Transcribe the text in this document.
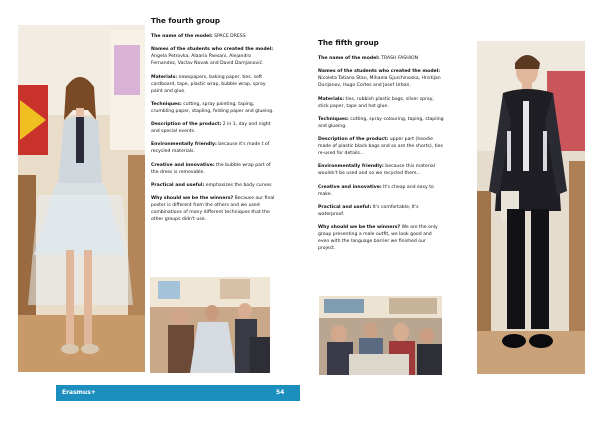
The fourth group

The name of the model: SPACE DRESS

Names of the students who created the model: Angela Petrovka, Alaaria Paesani, Alejandro Fernandez, Vaclav Novak and David Damjanović.

Materials: newspapers, baking paper, ties, soft cardboard, tape, plastic wrap, bubble wrap, spray paint and glue.

Techniques: cutting, spray painting, taping, crumbling paper, stapling, folding paper and glueing.

Description of the product: 2 in 1, day and night and special events.

Environmentally friendly: because it's made t of recycled materials.

Creative and innovative: the bubble wrap part of the dress is removable.

Practical and useful: emphasizes the body curves

Why should we be the winners? Because our final poster is different from the others and we used combinations of many different techniques that the other groups didn't use.

Erasmus+	54
The fifth group

The name of the model: TRASH FASHION

Names of the students who created the model: Nicoleta Tatiana Stan, Mihaela Gjurchinoska, Hristijan Durijanov, Hugo Cortes and Josef Urban.

Materials: ties, rubbish plastic bags, silver spray, stick paper, tape and hot glue.

Techniques: cutting, spray colouring, taping, stapling and glueing.

Description of the product: upper part (hoodie made of plastic black bags and so are the shorts), ties re-used for details...

Environmentally friendly: because this material wouldn't be used and so we recycled them...

Creative and innovative: It's cheap and easy to make.

Practical and useful: It's comfortable, It's waterproof.

Why should we be the winners? We are the only group presenting a male outfit, we look good and even with the language barrier we finished our project.
